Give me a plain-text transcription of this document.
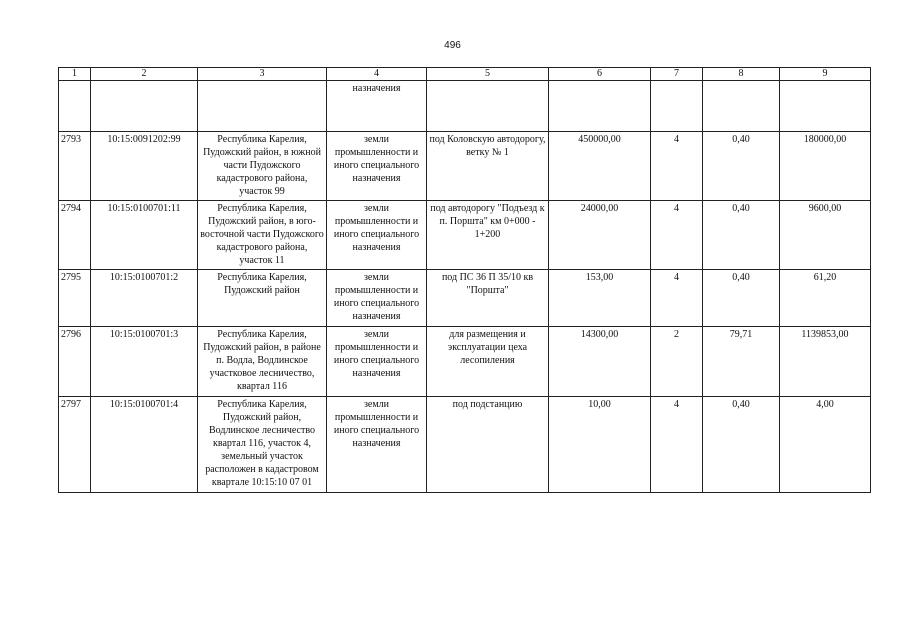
496
1	2	3	4	5	6	7	8	9
			назначения					
2793	10:15:0091202:99	Республика Карелия, Пудожский район, в южной части Пудожского кадастрового района, участок 99	земли промышленности и иного специального назначения	под Коловскую автодорогу, ветку № 1	450000,00	4	0,40	180000,00
2794	10:15:0100701:11	Республика Карелия, Пудожский район, в юго-восточной части Пудожского кадастрового района, участок 11	земли промышленности и иного специального назначения	под автодорогу "Подъезд к п. Поршта" км 0+000 - 1+200	24000,00	4	0,40	9600,00
2795	10:15:0100701:2	Республика Карелия, Пудожский район	земли промышленности и иного специального назначения	под ПС 36 П 35/10 кв "Поршта"	153,00	4	0,40	61,20
2796	10:15:0100701:3	Республика Карелия, Пудожский район, в районе п. Водла, Водлинское участковое лесничество, квартал 116	земли промышленности и иного специального назначения	для размещения и эксплуатации цеха лесопиления	14300,00	2	79,71	1139853,00
2797	10:15:0100701:4	Республика Карелия, Пудожский район, Водлинское лесничество квартал 116, участок 4, земельный участок расположен в кадастровом квартале 10:15:10 07 01	земли промышленности и иного специального назначения	под подстанцию	10,00	4	0,40	4,00
